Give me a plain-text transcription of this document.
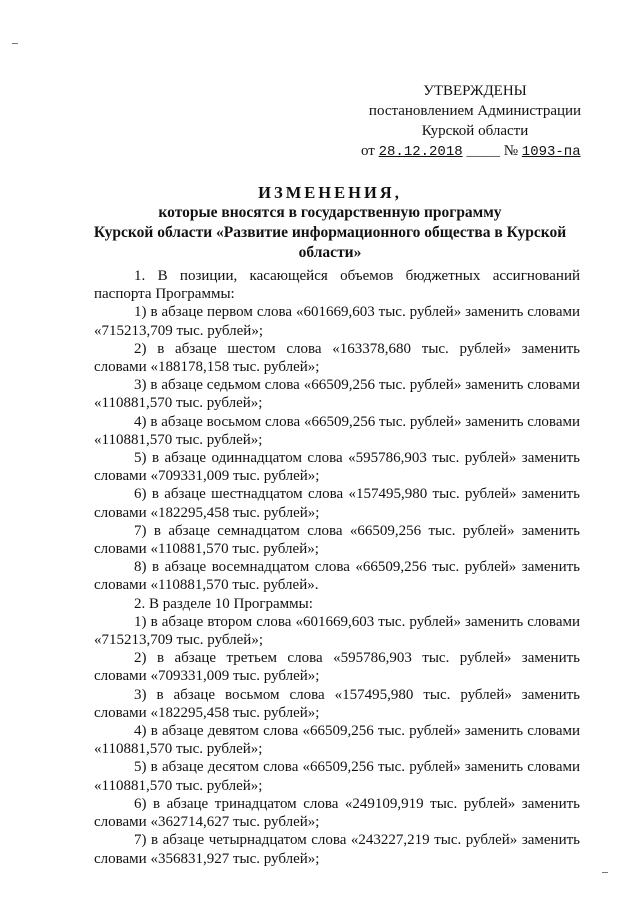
УТВЕРЖДЕНЫ
постановлением Администрации
Курской области
от 28.12.2018 ____ № 1093-па
ИЗМЕНЕНИЯ,
которые вносятся в государственную программу
Курской области «Развитие информационного общества в Курской
области»

1. В позиции, касающейся объемов бюджетных ассигнований паспорта Программы:

1) в абзаце первом слова «601669,603 тыс. рублей» заменить словами «715213,709 тыс. рублей»;

2) в абзаце шестом слова «163378,680 тыс. рублей» заменить словами «188178,158 тыс. рублей»;

3) в абзаце седьмом слова «66509,256 тыс. рублей» заменить словами «110881,570 тыс. рублей»;

4) в абзаце восьмом слова «66509,256 тыс. рублей» заменить словами «110881,570 тыс. рублей»;

5) в абзаце одиннадцатом слова «595786,903 тыс. рублей» заменить словами «709331,009 тыс. рублей»;

6) в абзаце шестнадцатом слова «157495,980 тыс. рублей» заменить словами «182295,458 тыс. рублей»;

7) в абзаце семнадцатом слова «66509,256 тыс. рублей» заменить словами «110881,570 тыс. рублей»;

8) в абзаце восемнадцатом слова «66509,256 тыс. рублей» заменить словами «110881,570 тыс. рублей».

2. В разделе 10 Программы:

1) в абзаце втором слова «601669,603 тыс. рублей» заменить словами «715213,709 тыс. рублей»;

2) в абзаце третьем слова «595786,903 тыс. рублей» заменить словами «709331,009 тыс. рублей»;

3) в абзаце восьмом слова «157495,980 тыс. рублей» заменить словами «182295,458 тыс. рублей»;

4) в абзаце девятом слова «66509,256 тыс. рублей» заменить словами «110881,570 тыс. рублей»;

5) в абзаце десятом слова «66509,256 тыс. рублей» заменить словами «110881,570 тыс. рублей»;

6) в абзаце тринадцатом слова «249109,919 тыс. рублей» заменить словами «362714,627 тыс. рублей»;

7) в абзаце четырнадцатом слова «243227,219 тыс. рублей» заменить словами «356831,927 тыс. рублей»;
